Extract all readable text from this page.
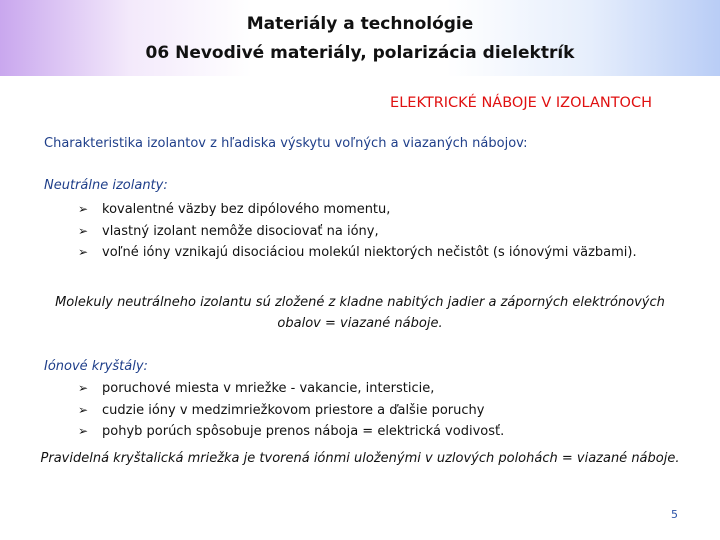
Materiály a technológie
06 Nevodivé materiály, polarizácia dielektrík
ELEKTRICKÉ NÁBOJE V IZOLANTOCH
Charakteristika izolantov z hľadiska výskytu voľných a viazaných nábojov:
Neutrálne izolanty:
➢ kovalentné väzby bez dipólového momentu,
➢ vlastný izolant nemôže disociovať na ióny,
➢ voľné ióny vznikajú disociáciou molekúl niektorých nečistôt (s iónovými väzbami).
Molekuly neutrálneho izolantu sú zložené z kladne nabitých jadier a záporných elektrónových obalov = viazané náboje.
Iónové kryštály:
➢ poruchové miesta v mriežke - vakancie, intersticie,
➢ cudzie ióny v medzimriežkovom priestore a ďalšie poruchy
➢ pohyb porúch spôsobuje prenos náboja = elektrická vodivosť.
Pravidelná kryštalická mriežka je tvorená iónmi uloženými v uzlových polohách = viazané náboje.
5
